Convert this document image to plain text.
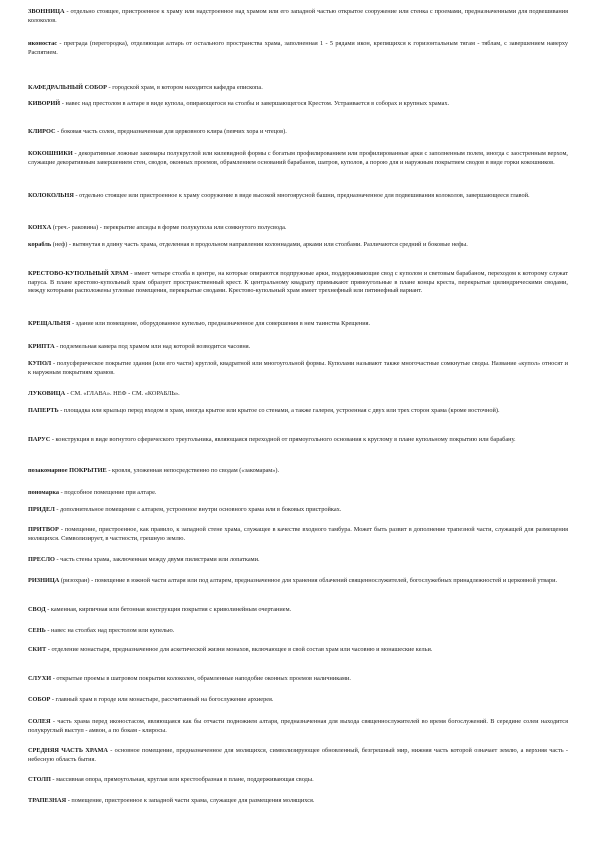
ЗВОННИЦА - отдельно стоящее, пристроенное к храму или надстроенное над храмом или его западной частью открытое сооружение или стенка с проемами, предназначенными для подвешивания колоколов.
иконостас - преграда (перегородка), отделяющая алтарь от остального пространства храма, заполненная 1 - 5 рядами икон, крепящихся к горизонтальным тягам - тяблам, с завершением наверху Распятием.
КАФЕДРАЛЬНЫЙ СОБОР - городской храм, в котором находится кафедра епископа.
КИВОРИЙ - навес над престолом в алтаре в виде купола, опирающегося на столбы и завершающегося Крестом. Устраивается в соборах и крупных храмах.
КЛИРОС - боковая часть солеи, предназначенная для церковного клира (певчих хора и чтецов).
КОКОШНИКИ - декоративные ложные закомары полукруглой или килевидной формы с богатым профилированием или профилированные арки с заполненным полем, иногда с заостренным верхом, служащие декоративным завершением стен, сводов, оконных проемов, обрамлением оснований барабанов, шатров, куполов, а порою для и наружным покрытием сводов в виде горки кокошников.
КОЛОКОЛЬНЯ - отдельно стоящее или пристроенное к храму сооружение в виде высокой многоярусной башни, предназначенное для подвешивания колоколов, завершающееся главой.
КОНХА (греч.- раковина) - перекрытие апсиды в форме полукупола или сомкнутого полусвода.
корабль (неф) - вытянутая в длину часть храма, отделенная в продольном направлении колоннадами, арками или столбами. Различаются средний и боковые нефы.
КРЕСТОВО-КУПОЛЬНЫЙ ХРАМ - имеет четыре столба в центре, на которые опираются подпружные арки, поддерживающие свод с куполом и световым барабаном, переходом к которому служат паруса. В плане крестово-купольный храм образует пространственный крест. К центральному квадрату примыкают прямоугольные в плане концы креста, перекрытые цилиндрическими сводами, между которыми расположены угловые помещения, перекрытые сводами. Крестово-купольный храм имеет трехнефный или пятинефный вариант.
КРЕЩАЛЬНЯ - здание или помещение, оборудованное купелью, предназначенное для совершения в нем таинства Крещения.
КРИПТА - подземельная камера под храмом или над которой возводится часовня.
КУПОЛ - полусферическое покрытие здания (или его части) круглой, квадратной или многоугольной формы. Куполами называют также многочастные сомкнутые своды. Название «купол» относят и к наружным покрытиям храмов.
ЛУКОВИЦА - СМ. «ГЛАВА». НЕФ - СМ. «КОРАБЛЬ».
ПАПЕРТЬ - площадка или крыльцо перед входом в храм, иногда крытое или крытое со стенами, а также галерея, устроенная с двух или трех сторон храма (кроме восточной).
ПАРУС - конструкция в виде вогнутого сферического треугольника, являющаяся переходной от прямоугольного основания к круглому в плане купольному покрытию или барабану.
позакомарное ПОКРЫТИЕ - кровля, уложенная непосредственно по сводам («закомарам»).
пономарка - подсобное помещение при алтаре.
ПРИДЕЛ - дополнительное помещение с алтарем, устроенное внутри основного храма или в боковых пристройках.
ПРИТВОР - помещение, пристроенное, как правило, к западной стене храма, служащее в качестве входного тамбура. Может быть развит в дополнение трапезной части, служащей для размещения молящихся. Символизирует, в частности, грешную землю.
ПРЕСЛО - часть стены храма, заключенная между двумя пилястрами или лопатками.
РИЗНИЦА (ризохран) - помещение в южной части алтаря или под алтарем, предназначенное для хранения облачений священнослужителей, богослужебных принадлежностей и церковной утвари.
СВОД - каменная, кирпичная или бетонная конструкция покрытия с криволинейным очертанием.
СЕНЬ - навес на столбах над престолом или купелью.
СКИТ - отделение монастыря, предназначенное для аскетической жизни монахов, включающее в свой состав храм или часовню и монашеские кельи.
СЛУХИ - открытые проемы в шатровом покрытии колоколен, обрамленные наподобие оконных проемов наличниками.
СОБОР - главный храм в городе или монастыре, рассчитанный на богослужение архиерея.
СОЛЕЯ - часть храма перед иконостасом, являющаяся как бы отчасти подножием алтаря, предназначенная для выхода священнослужителей во время богослужений. В середине солеи находится полукруглый выступ - амвон, а по бокам - клиросы.
СРЕДНЯЯ ЧАСТЬ ХРАМА - основное помещение, предназначенное для молящихся, символизирующее обновленный, безгрешный мир, нижняя часть которой означает землю, а верхняя часть - небесную область бытия.
СТОЛП - массивная опора, прямоугольная, круглая или крестообразная в плане, поддерживающая своды.
ТРАПЕЗНАЯ - помещение, пристроенное к западной части храма, служащее для размещения молящихся.
